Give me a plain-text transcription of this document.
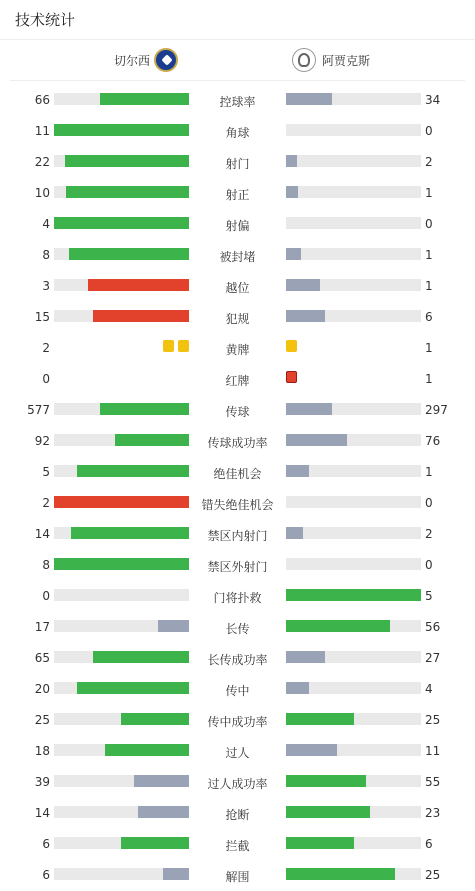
技术统计
切尔西	阿贾克斯
66	控球率	34
11	角球	0
22	射门	2
10	射正	1
4	射偏	0
8	被封堵	1
3	越位	1
15	犯规	6
2	黄牌	1
0	红牌	1
577	传球	297
92	传球成功率	76
5	绝佳机会	1
2	错失绝佳机会	0
14	禁区内射门	2
8	禁区外射门	0
0	门将扑救	5
17	长传	56
65	长传成功率	27
20	传中	4
25	传中成功率	25
18	过人	11
39	过人成功率	55
14	抢断	23
6	拦截	6
6	解围	25
